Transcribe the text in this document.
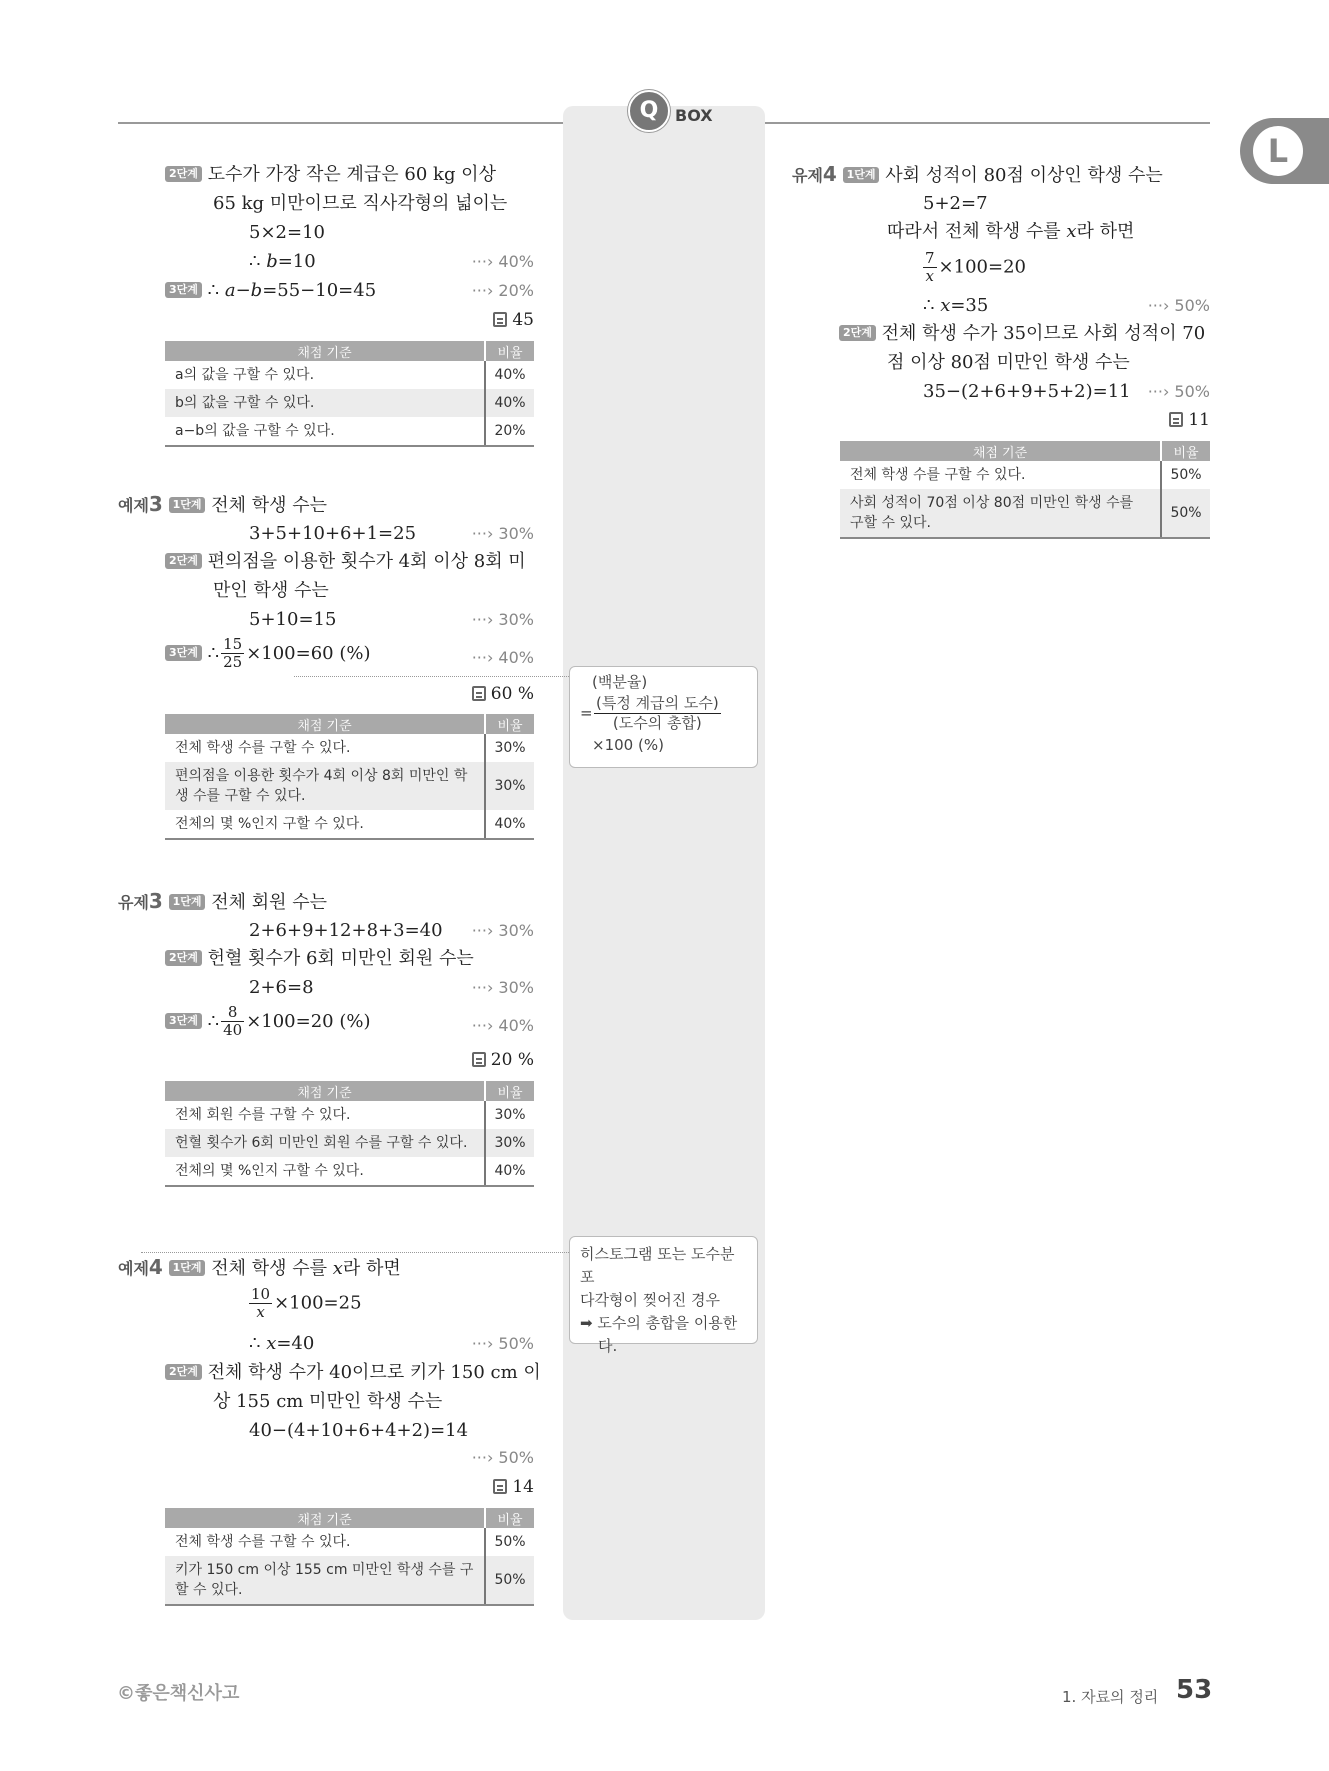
Q	BOX
L
2단계 도수가 가장 작은 계급은 60 kg 이상
65 kg 미만이므로 직사각형의 넓이는
5×2=10
∴ b=10	···› 40%
3단계 ∴ a−b=55−10=45	···› 20%
45
채점 기준	비율
a의 값을 구할 수 있다.	40%
b의 값을 구할 수 있다.	40%
a−b의 값을 구할 수 있다.	20%
예제3 1단계 전체 학생 수는
3+5+10+6+1=25	···› 30%
2단계 편의점을 이용한 횟수가 4회 이상 8회 미
만인 학생 수는
5+10=15	···› 30%
3단계 ∴ $\frac{15}{25} \times 100=60$ (%)	···› 40%
60 %
채점 기준	비율
전체 학생 수를 구할 수 있다.	30%
편의점을 이용한 횟수가 4회 이상 8회 미만인 학생 수를 구할 수 있다.	30%
전체의 몇 %인지 구할 수 있다.	40%
유제3 1단계 전체 회원 수는
2+6+9+12+8+3=40 ···› 30%
2단계 헌혈 횟수가 6회 미만인 회원 수는
2+6=8	···› 30%
3단계 ∴ $\frac{8}{40} \times 100=20$ (%)	···› 40%
20 %
채점 기준	비율
전체 회원 수를 구할 수 있다.	30%
헌혈 횟수가 6회 미만인 회원 수를 구할 수 있다.	30%
전체의 몇 %인지 구할 수 있다.	40%
예제4 1단계 전체 학생 수를 x라 하면
$\frac{10}{x} \times 100=25$
∴ x=40	···› 50%
2단계 전체 학생 수가 40이므로 키가 150 cm 이
상 155 cm 미만인 학생 수는
40−(4+10+6+4+2)=14
···› 50%
14
채점 기준	비율
전체 학생 수를 구할 수 있다.	50%
키가 150 cm 이상 155 cm 미만인 학생 수를 구할 수 있다.	50%
(백분율)
=
(특정 계급의 도수)
(도수의 총합)
×100 (%)
히스토그램 또는 도수분포
다각형이 찢어진 경우
➡ 도수의 총합을 이용한
다.
유제4 1단계 사회 성적이 80점 이상인 학생 수는
5+2=7
따라서 전체 학생 수를 x라 하면
$\frac{7}{x} \times 100=20$
∴ x=35	···› 50%
2단계 전체 학생 수가 35이므로 사회 성적이 70
점 이상 80점 미만인 학생 수는
35−(2+6+9+5+2)=11 ···› 50%
11
채점 기준	비율
전체 학생 수를 구할 수 있다.	50%
사회 성적이 70점 이상 80점 미만인 학생 수를 구할 수 있다.	50%
©좋은책신사고	1. 자료의 정리 53
